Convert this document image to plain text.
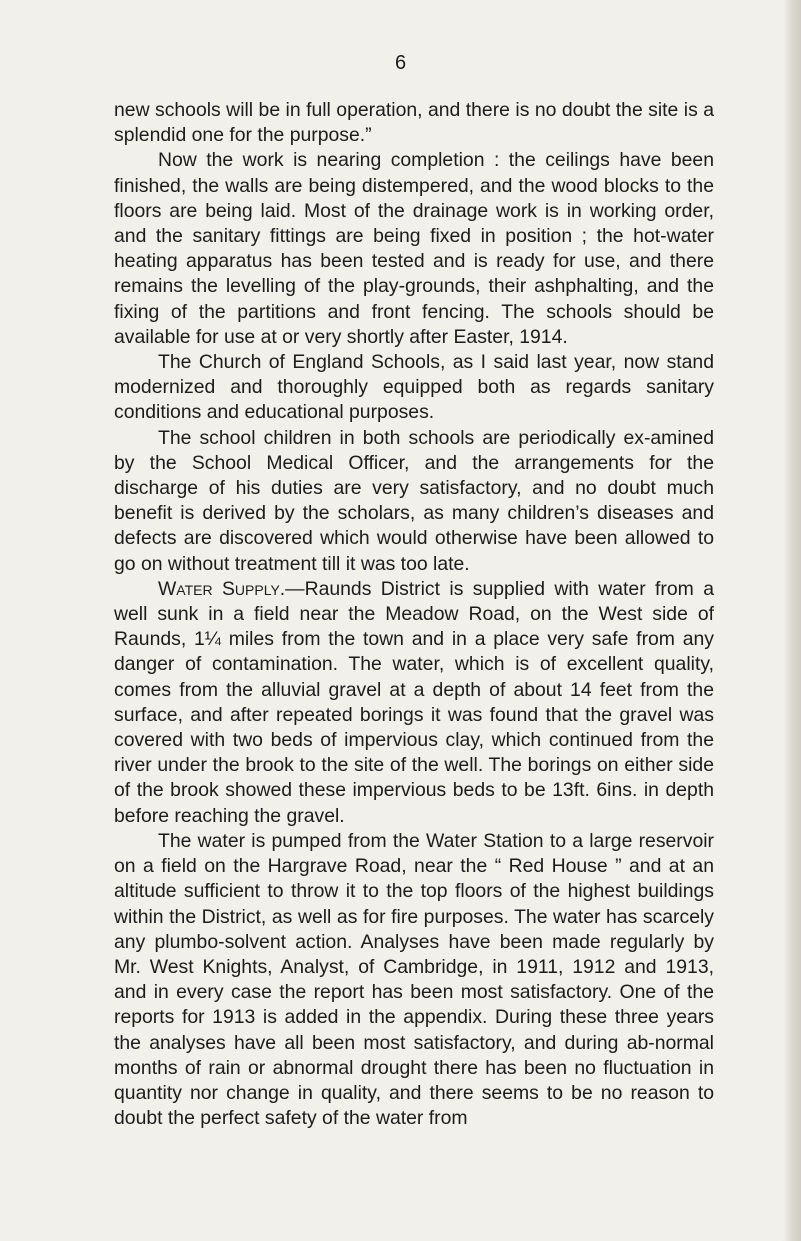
6

new schools will be in full operation, and there is no doubt the site is a splendid one for the purpose.”

Now the work is nearing completion : the ceilings have been finished, the walls are being distempered, and the wood blocks to the floors are being laid. Most of the drainage work is in working order, and the sanitary fittings are being fixed in position ; the hot-water heating apparatus has been tested and is ready for use, and there remains the levelling of the play-grounds, their ashphalting, and the fixing of the partitions and front fencing. The schools should be available for use at or very shortly after Easter, 1914.

The Church of England Schools, as I said last year, now stand modernized and thoroughly equipped both as regards sanitary conditions and educational purposes.

The school children in both schools are periodically ex-amined by the School Medical Officer, and the arrangements for the discharge of his duties are very satisfactory, and no doubt much benefit is derived by the scholars, as many children’s diseases and defects are discovered which would otherwise have been allowed to go on without treatment till it was too late.

Water Supply.—Raunds District is supplied with water from a well sunk in a field near the Meadow Road, on the West side of Raunds, 1¼ miles from the town and in a place very safe from any danger of contamination. The water, which is of excellent quality, comes from the alluvial gravel at a depth of about 14 feet from the surface, and after repeated borings it was found that the gravel was covered with two beds of impervious clay, which continued from the river under the brook to the site of the well. The borings on either side of the brook showed these impervious beds to be 13ft. 6ins. in depth before reaching the gravel.

The water is pumped from the Water Station to a large reservoir on a field on the Hargrave Road, near the “ Red House ” and at an altitude sufficient to throw it to the top floors of the highest buildings within the District, as well as for fire purposes. The water has scarcely any plumbo-solvent action. Analyses have been made regularly by Mr. West Knights, Analyst, of Cambridge, in 1911, 1912 and 1913, and in every case the report has been most satisfactory. One of the reports for 1913 is added in the appendix. During these three years the analyses have all been most satisfactory, and during ab-normal months of rain or abnormal drought there has been no fluctuation in quantity nor change in quality, and there seems to be no reason to doubt the perfect safety of the water from
